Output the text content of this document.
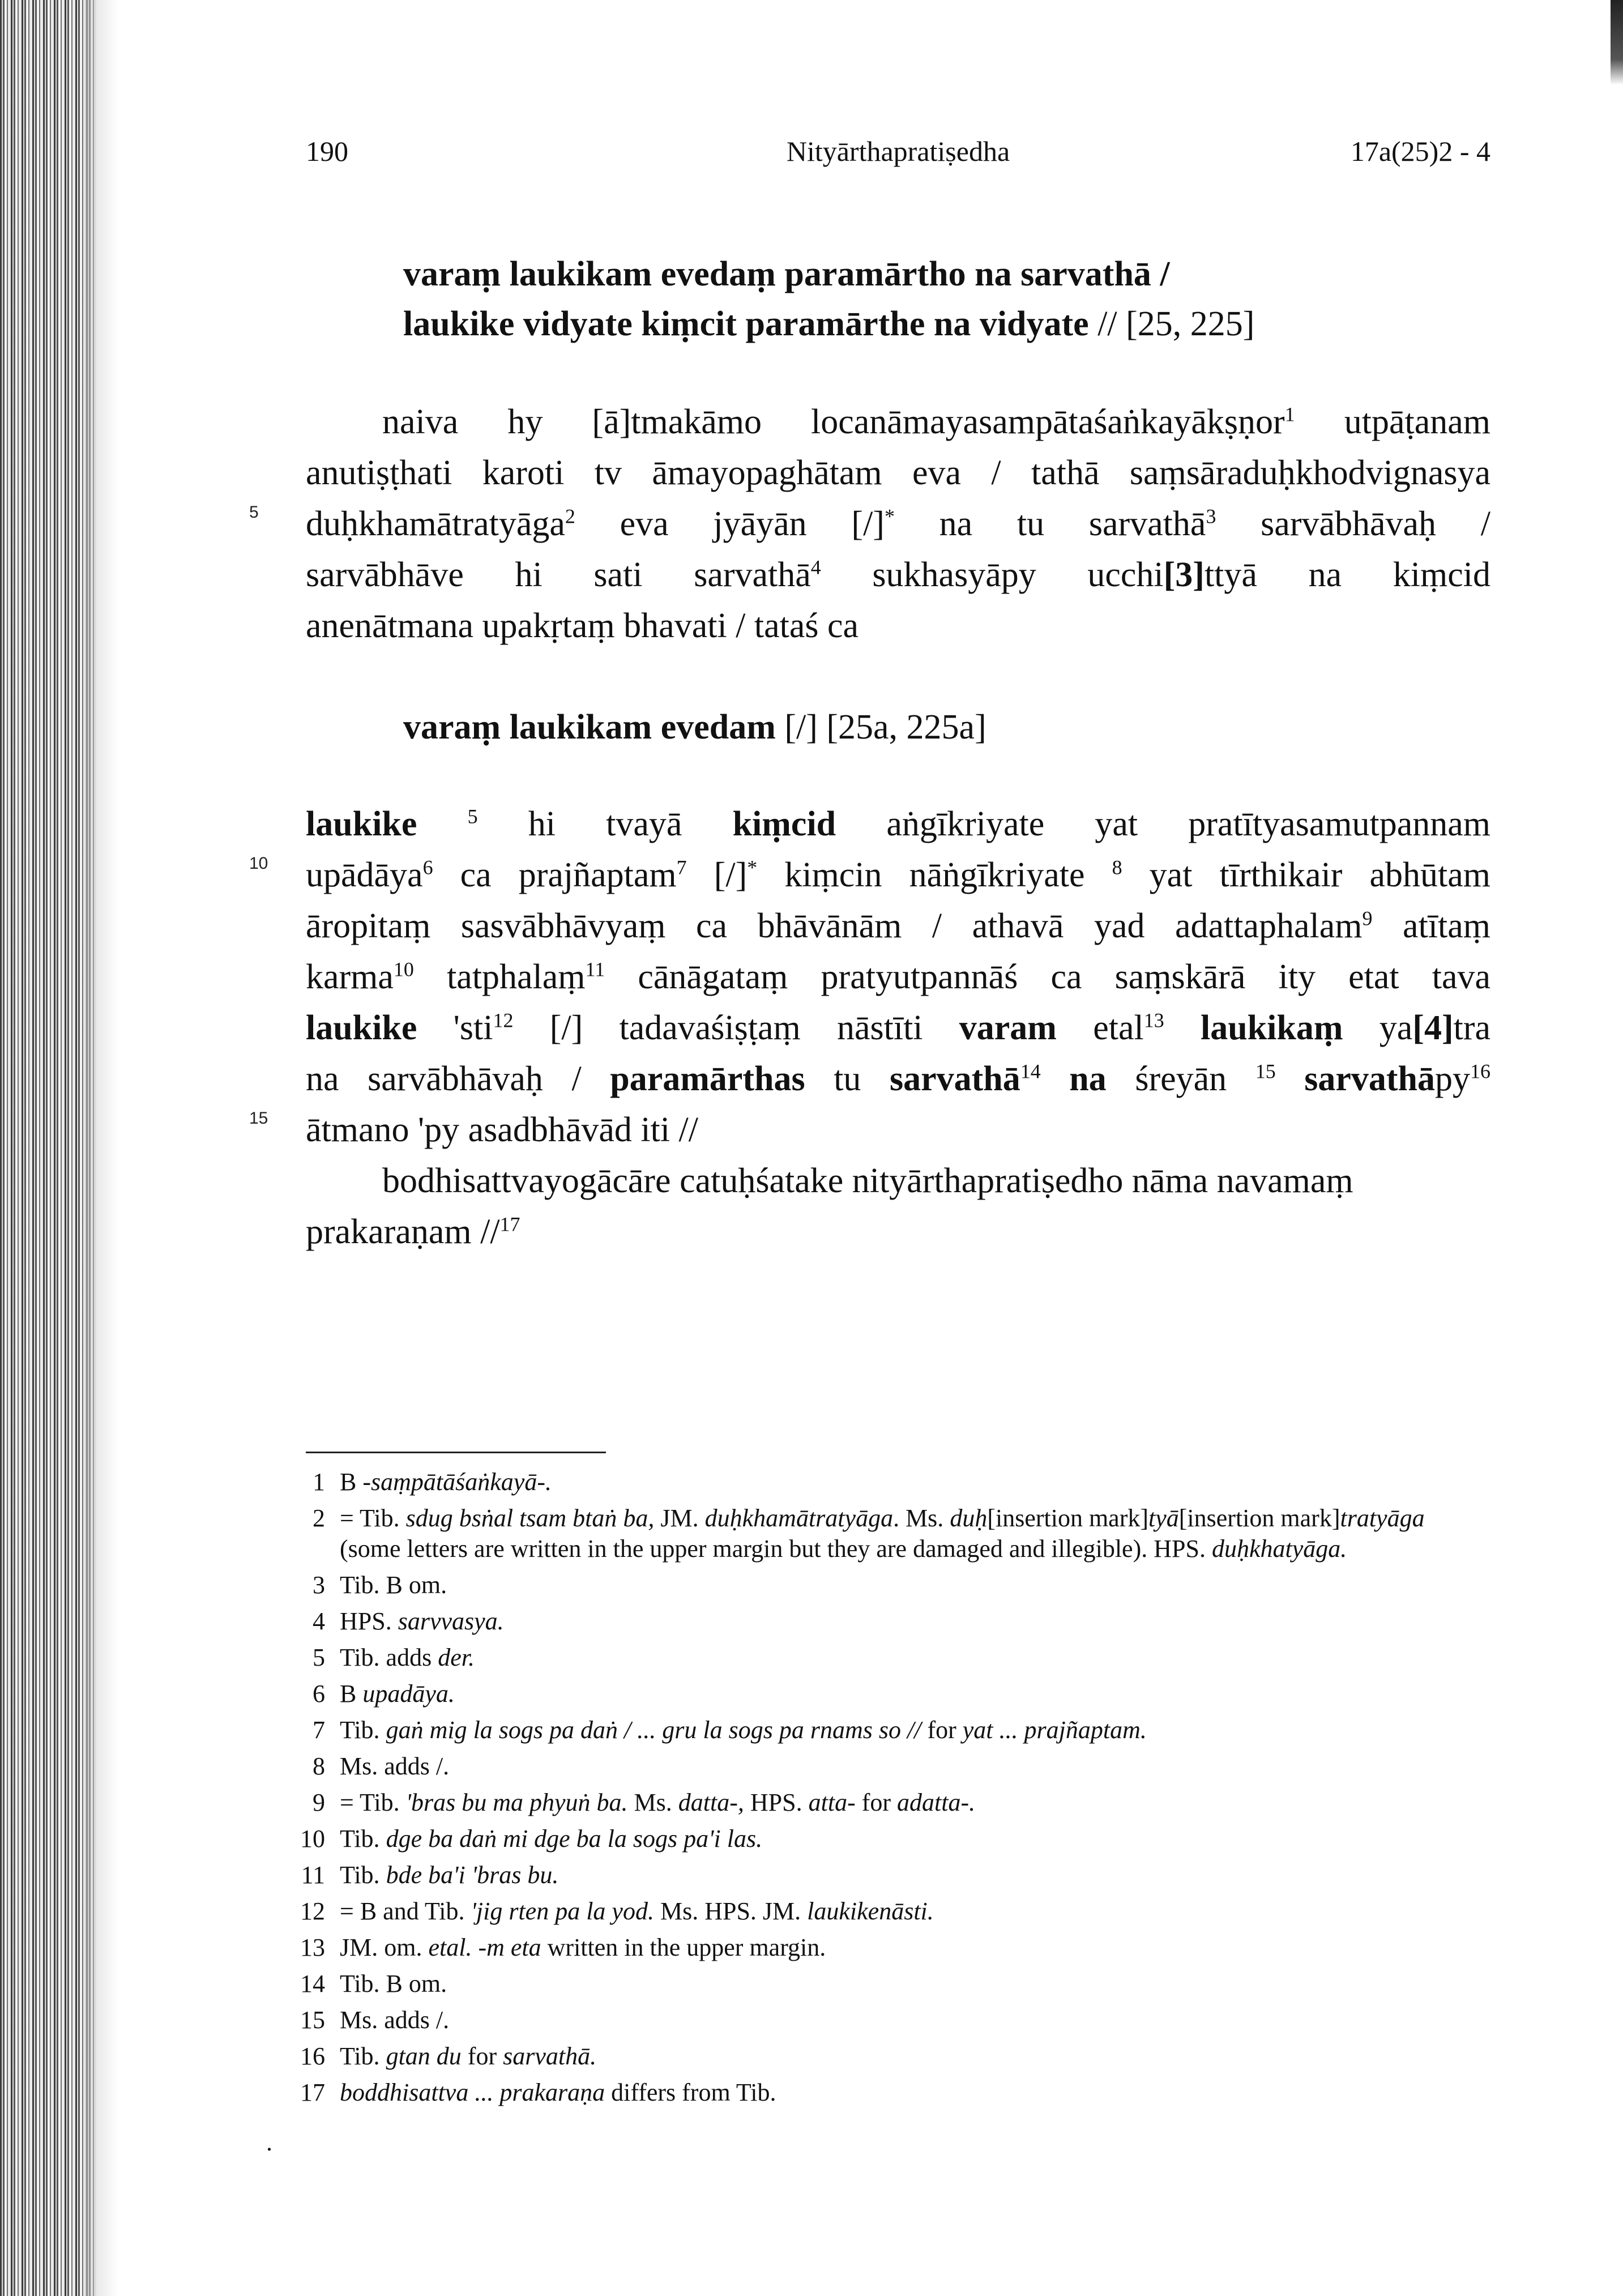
190	Nityārthapratiṣedha	17a(25)2 - 4
varaṃ laukikam evedaṃ paramārtho na sarvathā /
laukike vidyate kiṃcit paramārthe na vidyate // [25, 225]
naiva hy [ā]tmakāmo locanāmayasampātaśaṅkayākṣṇor$^1$ utpāṭanam
anutiṣṭhati karoti tv āmayopaghātam eva / tathā saṃsāraduḥkhodvignasya
duḥkhamātratyāga$^2$ eva jyāyān [/]* na tu sarvathā$^3$ sarvābhāvaḥ /
sarvābhāve hi sati sarvathā$^4$ sukhasyāpy ucchi[3]ttyā na kiṃcid
anenātmana upakṛtaṃ bhavati / tataś ca
5
varaṃ laukikam evedam [/] [25a, 225a]
laukike $^5$ hi tvayā kiṃcid aṅgīkriyate yat pratītyasamutpannam
upādāya$^6$ ca prajñaptam$^7$ [/]* kiṃcin nāṅgīkriyate $^8$ yat tīrthikair abhūtam
āropitaṃ sasvābhāvyaṃ ca bhāvānām / athavā yad adattaphalam$^9$ atītaṃ
karma$^{10}$ tatphalaṃ$^{11}$ cānāgataṃ pratyutpannāś ca saṃskārā ity etat tava
laukike 'sti$^{12}$ [/] tadavaśiṣṭaṃ nāstīti varam etal$^{13}$ laukikaṃ ya[4]tra
na sarvābhāvaḥ / paramārthas tu sarvathā$^{14}$ na śreyān $^{15}$ sarvathāpy$^{16}$
ātmano 'py asadbhāvād iti //
bodhisattvayogācāre catuḥśatake nityārthapratiṣedho nāma navamaṃ
prakaraṇam //$^{17}$
10
15
.
1 B -saṃpātāśaṅkayā-.
2 = Tib. sdug bsṅal tsam btaṅ ba, JM. duḥkhamātratyāga. Ms. duḥ[insertion mark]tyā[insertion mark]tratyāga (some letters are written in the upper margin but they are damaged and illegible). HPS. duḥkhatyāga.
3 Tib. B om.
4 HPS. sarvvasya.
5 Tib. adds der.
6 B upadāya.
7 Tib. gaṅ mig la sogs pa daṅ / ... gru la sogs pa rnams so // for yat ... prajñaptam.
8 Ms. adds /.
9 = Tib. 'bras bu ma phyuṅ ba. Ms. datta-, HPS. atta- for adatta-.
10 Tib. dge ba daṅ mi dge ba la sogs pa'i las.
11 Tib. bde ba'i 'bras bu.
12 = B and Tib. 'jig rten pa la yod. Ms. HPS. JM. laukikenāsti.
13 JM. om. etal. -m eta written in the upper margin.
14 Tib. B om.
15 Ms. adds /.
16 Tib. gtan du for sarvathā.
17 boddhisattva ... prakaraṇa differs from Tib.
